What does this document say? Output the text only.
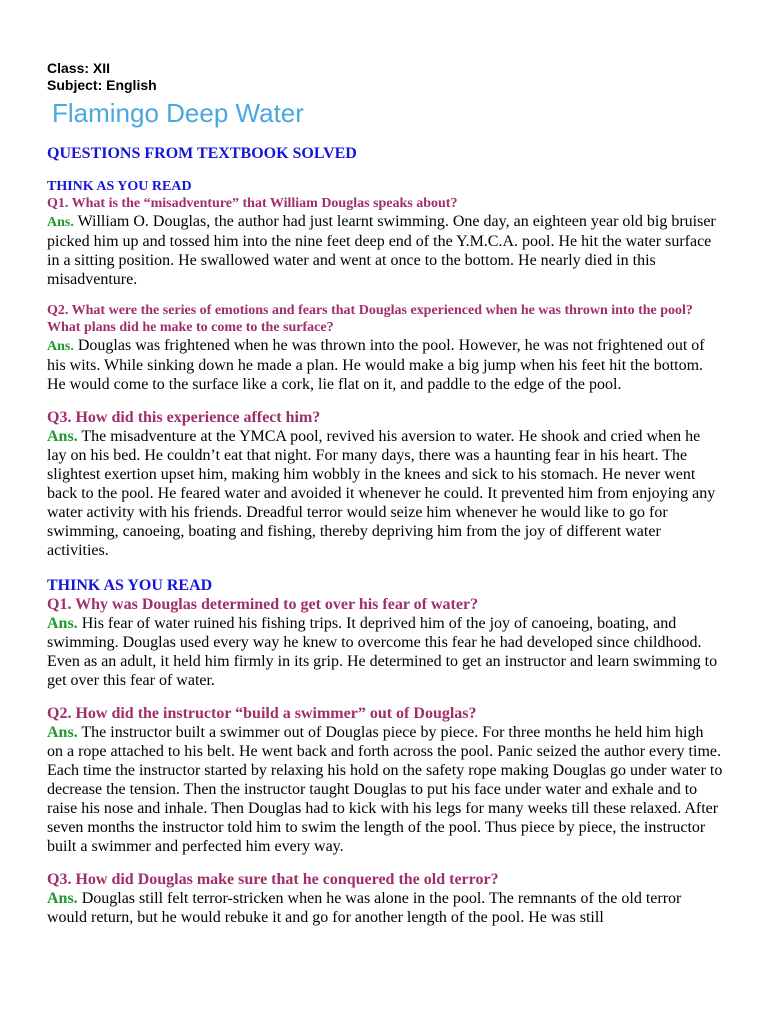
Class: XII

Subject: English

Flamingo Deep Water

QUESTIONS FROM TEXTBOOK SOLVED

THINK AS YOU READ

Q1. What is the “misadventure” that William Douglas speaks about?

Ans. William O. Douglas, the author had just learnt swimming. One day, an eighteen year old big bruiser picked him up and tossed him into the nine feet deep end of the Y.M.C.A. pool. He hit the water surface in a sitting position. He swallowed water and went at once to the bottom. He nearly died in this misadventure.

Q2. What were the series of emotions and fears that Douglas experienced when he was thrown into the pool? What plans did he make to come to the surface?

Ans. Douglas was frightened when he was thrown into the pool. However, he was not frightened out of his wits. While sinking down he made a plan. He would make a big jump when his feet hit the bottom. He would come to the surface like a cork, lie flat on it, and paddle to the edge of the pool.

Q3. How did this experience affect him?

Ans. The misadventure at the YMCA pool, revived his aversion to water. He shook and cried when he lay on his bed. He couldn’t eat that night. For many days, there was a haunting fear in his heart. The slightest exertion upset him, making him wobbly in the knees and sick to his stomach. He never went back to the pool. He feared water and avoided it whenever he could. It prevented him from enjoying any water activity with his friends. Dreadful terror would seize him whenever he would like to go for swimming, canoeing, boating and fishing, thereby depriving him from the joy of different water activities.

THINK AS YOU READ

Q1. Why was Douglas determined to get over his fear of water?

Ans. His fear of water ruined his fishing trips. It deprived him of the joy of canoeing, boating, and swimming. Douglas used every way he knew to overcome this fear he had developed since childhood. Even as an adult, it held him firmly in its grip. He determined to get an instructor and learn swimming to get over this fear of water.

Q2. How did the instructor “build a swimmer” out of Douglas?

Ans. The instructor built a swimmer out of Douglas piece by piece. For three months he held him high on a rope attached to his belt. He went back and forth across the pool. Panic seized the author every time. Each time the instructor started by relaxing his hold on the safety rope making Douglas go under water to decrease the tension. Then the instructor taught Douglas to put his face under water and exhale and to raise his nose and inhale. Then Douglas had to kick with his legs for many weeks till these relaxed. After seven months the instructor told him to swim the length of the pool. Thus piece by piece, the instructor built a swimmer and perfected him every way.

Q3. How did Douglas make sure that he conquered the old terror?

Ans. Douglas still felt terror-stricken when he was alone in the pool. The remnants of the old terror would return, but he would rebuke it and go for another length of the pool. He was still
